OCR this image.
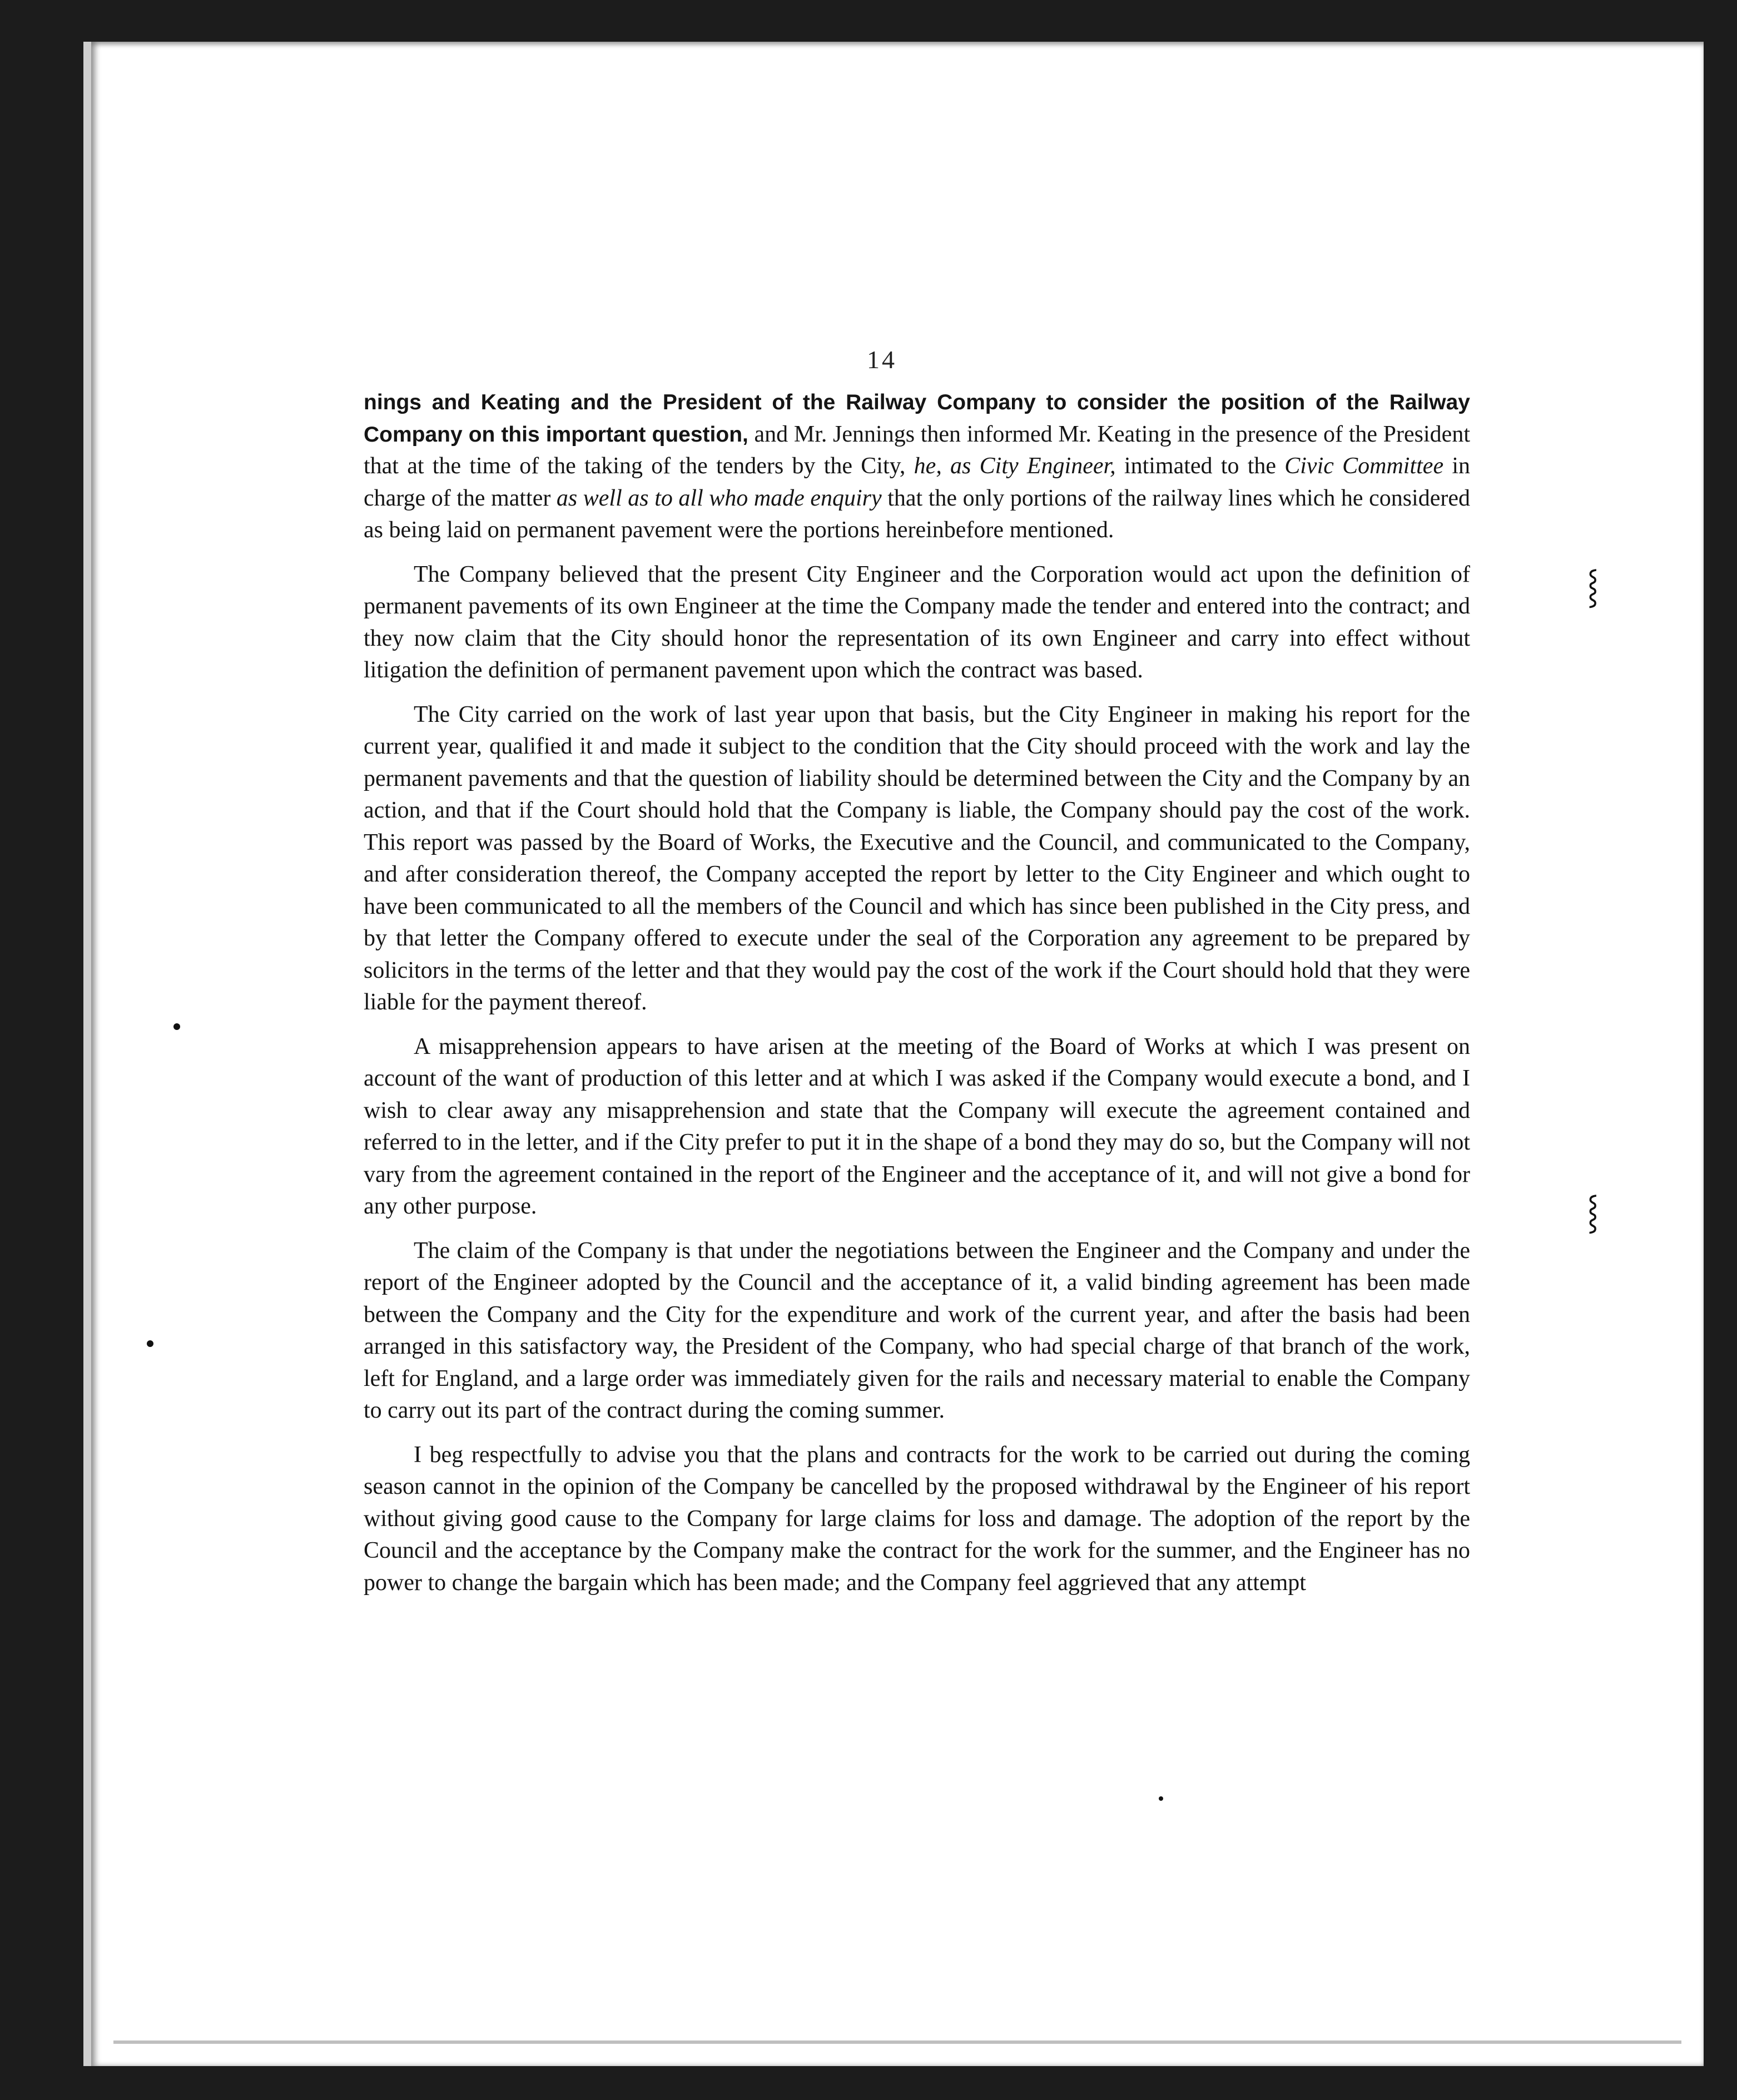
14

nings and Keating and the President of the Railway Company to consider the position of the Railway Company on this important question, and Mr. Jennings then informed Mr. Keating in the presence of the President that at the time of the taking of the tenders by the City, he, as City Engineer, intimated to the Civic Committee in charge of the matter as well as to all who made enquiry that the only portions of the railway lines which he considered as being laid on permanent pavement were the portions hereinbefore mentioned.

The Company believed that the present City Engineer and the Corporation would act upon the definition of permanent pavements of its own Engineer at the time the Company made the tender and entered into the contract; and they now claim that the City should honor the representation of its own Engineer and carry into effect without litigation the definition of permanent pavement upon which the contract was based.

The City carried on the work of last year upon that basis, but the City Engineer in making his report for the current year, qualified it and made it subject to the condition that the City should proceed with the work and lay the permanent pavements and that the question of liability should be determined between the City and the Company by an action, and that if the Court should hold that the Company is liable, the Company should pay the cost of the work. This report was passed by the Board of Works, the Executive and the Council, and communicated to the Company, and after consideration thereof, the Company accepted the report by letter to the City Engineer and which ought to have been communicated to all the members of the Council and which has since been published in the City press, and by that letter the Company offered to execute under the seal of the Corporation any agreement to be prepared by solicitors in the terms of the letter and that they would pay the cost of the work if the Court should hold that they were liable for the payment thereof.

A misapprehension appears to have arisen at the meeting of the Board of Works at which I was present on account of the want of production of this letter and at which I was asked if the Company would execute a bond, and I wish to clear away any misapprehension and state that the Company will execute the agreement contained and referred to in the letter, and if the City prefer to put it in the shape of a bond they may do so, but the Company will not vary from the agreement contained in the report of the Engineer and the acceptance of it, and will not give a bond for any other purpose.

The claim of the Company is that under the negotiations between the Engineer and the Company and under the report of the Engineer adopted by the Council and the acceptance of it, a valid binding agreement has been made between the Company and the City for the expenditure and work of the current year, and after the basis had been arranged in this satisfactory way, the President of the Company, who had special charge of that branch of the work, left for England, and a large order was immediately given for the rails and necessary material to enable the Company to carry out its part of the contract during the coming summer.

I beg respectfully to advise you that the plans and contracts for the work to be carried out during the coming season cannot in the opinion of the Company be cancelled by the proposed withdrawal by the Engineer of his report without giving good cause to the Company for large claims for loss and damage. The adoption of the report by the Council and the acceptance by the Company make the contract for the work for the summer, and the Engineer has no power to change the bargain which has been made; and the Company feel aggrieved that any attempt

⸾
⸾
